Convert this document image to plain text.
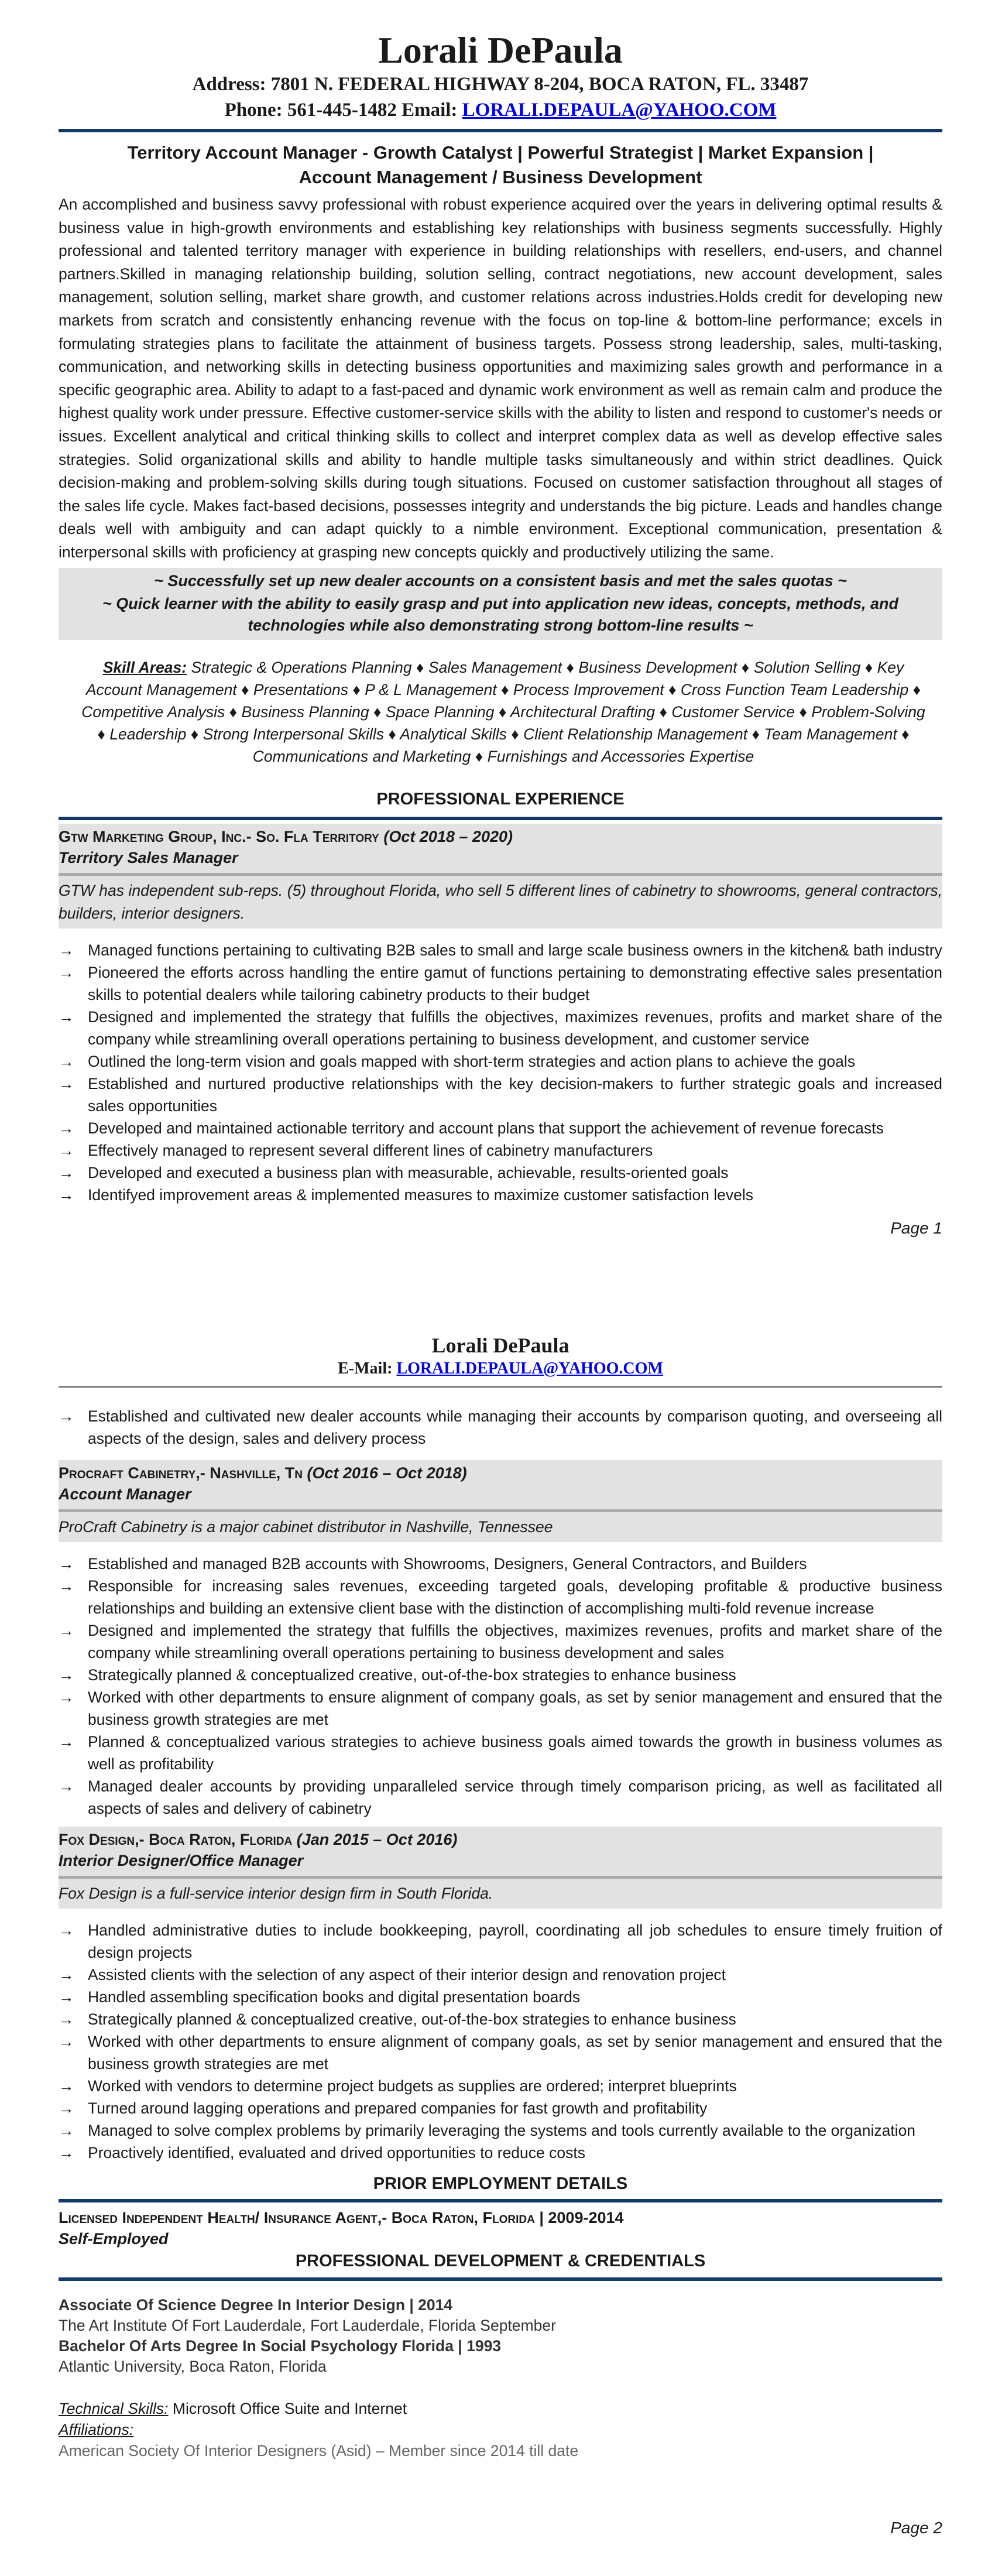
Lorali DePaula
Address: 7801 N. FEDERAL HIGHWAY 8-204, BOCA RATON, FL. 33487
Phone: 561-445-1482 Email: LORALI.DEPAULA@YAHOO.COM
Territory Account Manager - Growth Catalyst | Powerful Strategist | Market Expansion |
Account Management / Business Development
An accomplished and business savvy professional with robust experience acquired over the years in delivering optimal results & business value in high-growth environments and establishing key relationships with business segments successfully. Highly professional and talented territory manager with experience in building relationships with resellers, end-users, and channel partners.Skilled in managing relationship building, solution selling, contract negotiations, new account development, sales management, solution selling, market share growth, and customer relations across industries.Holds credit for developing new markets from scratch and consistently enhancing revenue with the focus on top-line & bottom-line performance; excels in formulating strategies plans to facilitate the attainment of business targets. Possess strong leadership, sales, multi-tasking, communication, and networking skills in detecting business opportunities and maximizing sales growth and performance in a specific geographic area. Ability to adapt to a fast-paced and dynamic work environment as well as remain calm and produce the highest quality work under pressure. Effective customer-service skills with the ability to listen and respond to customer's needs or issues. Excellent analytical and critical thinking skills to collect and interpret complex data as well as develop effective sales strategies. Solid organizational skills and ability to handle multiple tasks simultaneously and within strict deadlines. Quick decision-making and problem-solving skills during tough situations. Focused on customer satisfaction throughout all stages of the sales life cycle. Makes fact-based decisions, possesses integrity and understands the big picture. Leads and handles change deals well with ambiguity and can adapt quickly to a nimble environment. Exceptional communication, presentation & interpersonal skills with proficiency at grasping new concepts quickly and productively utilizing the same.
~ Successfully set up new dealer accounts on a consistent basis and met the sales quotas ~
~ Quick learner with the ability to easily grasp and put into application new ideas, concepts, methods, and technologies while also demonstrating strong bottom-line results ~
Skill Areas: Strategic & Operations Planning ♦ Sales Management ♦ Business Development ♦ Solution Selling ♦ Key Account Management ♦ Presentations ♦ P & L Management ♦ Process Improvement ♦ Cross Function Team Leadership ♦ Competitive Analysis ♦ Business Planning ♦ Space Planning ♦ Architectural Drafting ♦ Customer Service ♦ Problem-Solving ♦ Leadership ♦ Strong Interpersonal Skills ♦ Analytical Skills ♦ Client Relationship Management ♦ Team Management ♦ Communications and Marketing ♦ Furnishings and Accessories Expertise
PROFESSIONAL EXPERIENCE
Gtw Marketing Group, Inc.- So. Fla Territory (Oct 2018 – 2020)
Territory Sales Manager
GTW has independent sub-reps. (5) throughout Florida, who sell 5 different lines of cabinetry to showrooms, general contractors, builders, interior designers.
→ Managed functions pertaining to cultivating B2B sales to small and large scale business owners in the kitchen& bath industry
→ Pioneered the efforts across handling the entire gamut of functions pertaining to demonstrating effective sales presentation skills to potential dealers while tailoring cabinetry products to their budget
→ Designed and implemented the strategy that fulfills the objectives, maximizes revenues, profits and market share of the company while streamlining overall operations pertaining to business development, and customer service
→ Outlined the long-term vision and goals mapped with short-term strategies and action plans to achieve the goals
→ Established and nurtured productive relationships with the key decision-makers to further strategic goals and increased sales opportunities
→ Developed and maintained actionable territory and account plans that support the achievement of revenue forecasts
→ Effectively managed to represent several different lines of cabinetry manufacturers
→ Developed and executed a business plan with measurable, achievable, results-oriented goals
→ Identifyed improvement areas & implemented measures to maximize customer satisfaction levels
Page 1
Lorali DePaula
E-Mail: LORALI.DEPAULA@YAHOO.COM
→ Established and cultivated new dealer accounts while managing their accounts by comparison quoting, and overseeing all aspects of the design, sales and delivery process
Procraft Cabinetry,- Nashville, Tn (Oct 2016 – Oct 2018)
Account Manager
ProCraft Cabinetry is a major cabinet distributor in Nashville, Tennessee
→ Established and managed B2B accounts with Showrooms, Designers, General Contractors, and Builders
→ Responsible for increasing sales revenues, exceeding targeted goals, developing profitable & productive business relationships and building an extensive client base with the distinction of accomplishing multi-fold revenue increase
→ Designed and implemented the strategy that fulfills the objectives, maximizes revenues, profits and market share of the company while streamlining overall operations pertaining to business development and sales
→ Strategically planned & conceptualized creative, out-of-the-box strategies to enhance business
→ Worked with other departments to ensure alignment of company goals, as set by senior management and ensured that the business growth strategies are met
→ Planned & conceptualized various strategies to achieve business goals aimed towards the growth in business volumes as well as profitability
→ Managed dealer accounts by providing unparalleled service through timely comparison pricing, as well as facilitated all aspects of sales and delivery of cabinetry
Fox Design,- Boca Raton, Florida (Jan 2015 – Oct 2016)
Interior Designer/Office Manager
Fox Design is a full-service interior design firm in South Florida.
→ Handled administrative duties to include bookkeeping, payroll, coordinating all job schedules to ensure timely fruition of design projects
→ Assisted clients with the selection of any aspect of their interior design and renovation project
→ Handled assembling specification books and digital presentation boards
→ Strategically planned & conceptualized creative, out-of-the-box strategies to enhance business
→ Worked with other departments to ensure alignment of company goals, as set by senior management and ensured that the business growth strategies are met
→ Worked with vendors to determine project budgets as supplies are ordered; interpret blueprints
→ Turned around lagging operations and prepared companies for fast growth and profitability
→ Managed to solve complex problems by primarily leveraging the systems and tools currently available to the organization
→ Proactively identified, evaluated and drived opportunities to reduce costs
PRIOR EMPLOYMENT DETAILS
Licensed Independent Health/ Insurance Agent,- Boca Raton, Florida | 2009-2014
Self-Employed
PROFESSIONAL DEVELOPMENT & CREDENTIALS
Associate Of Science Degree In Interior Design | 2014
The Art Institute Of Fort Lauderdale, Fort Lauderdale, Florida September
Bachelor Of Arts Degree In Social Psychology Florida | 1993
Atlantic University, Boca Raton, Florida
Technical Skills: Microsoft Office Suite and Internet
Affiliations:
American Society Of Interior Designers (Asid) – Member since 2014 till date
Page 2
